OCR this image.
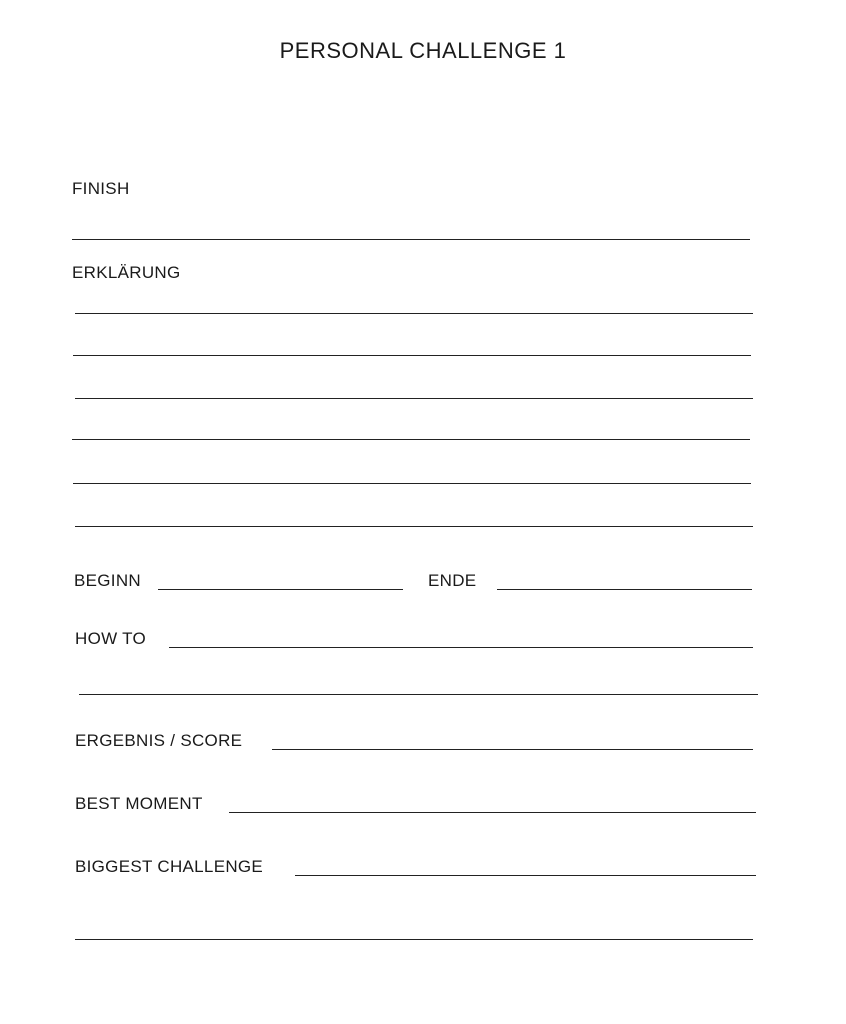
PERSONAL CHALLENGE 1
FINISH
ERKLÄRUNG
BEGINN	ENDE
HOW TO
ERGEBNIS / SCORE
BEST MOMENT
BIGGEST CHALLENGE
